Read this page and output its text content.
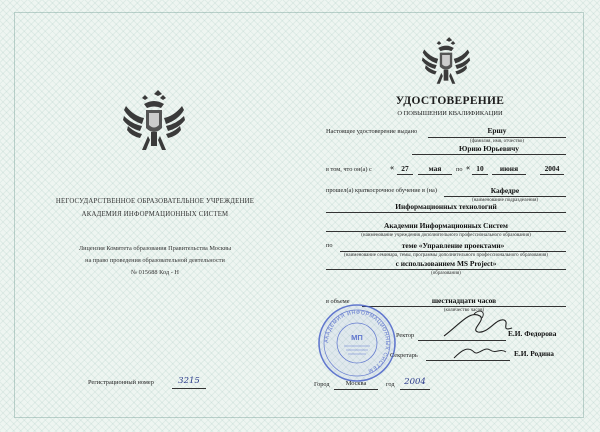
НЕГОСУДАРСТВЕННОЕ ОБРАЗОВАТЕЛЬНОЕ УЧРЕЖДЕНИЕ
АКАДЕМИЯ ИНФОРМАЦИОННЫХ СИСТЕМ
Лицензия Комитета образования Правительства Москвы
на право проведения образовательной деятельности
№ 015688 Код - Н
Регистрационный номер	3215
УДОСТОВЕРЕНИЕ
О ПОВЫШЕНИИ КВАЛИФИКАЦИИ
Настоящее удостоверение выдано	Ершу
(фамилия, имя, отчество)
Юрию Юрьевичу
в том, что он(а) с « 27	мая	по « 10	июня	2004
прошел(а) краткосрочное обучение в (на)	Кафедре
(наименование подразделения)
Информационных технологий
Академии Информационных Систем
(наименование учреждения дополнительного профессионального образования)
по	теме «Управление проектами»
(наименование семинара, темы, программы дополнительного профессионального образования)
с использованием MS Project»
(образования)
в объеме	шестнадцати часов
(количество часов)
АКАДЕМИЯ ИНФОРМАЦИОННЫХ СИСТЕМ
МП	Ректор	Е.И. Федорова
Секретарь	Е.И. Родина
Город	Москва	год	2004
